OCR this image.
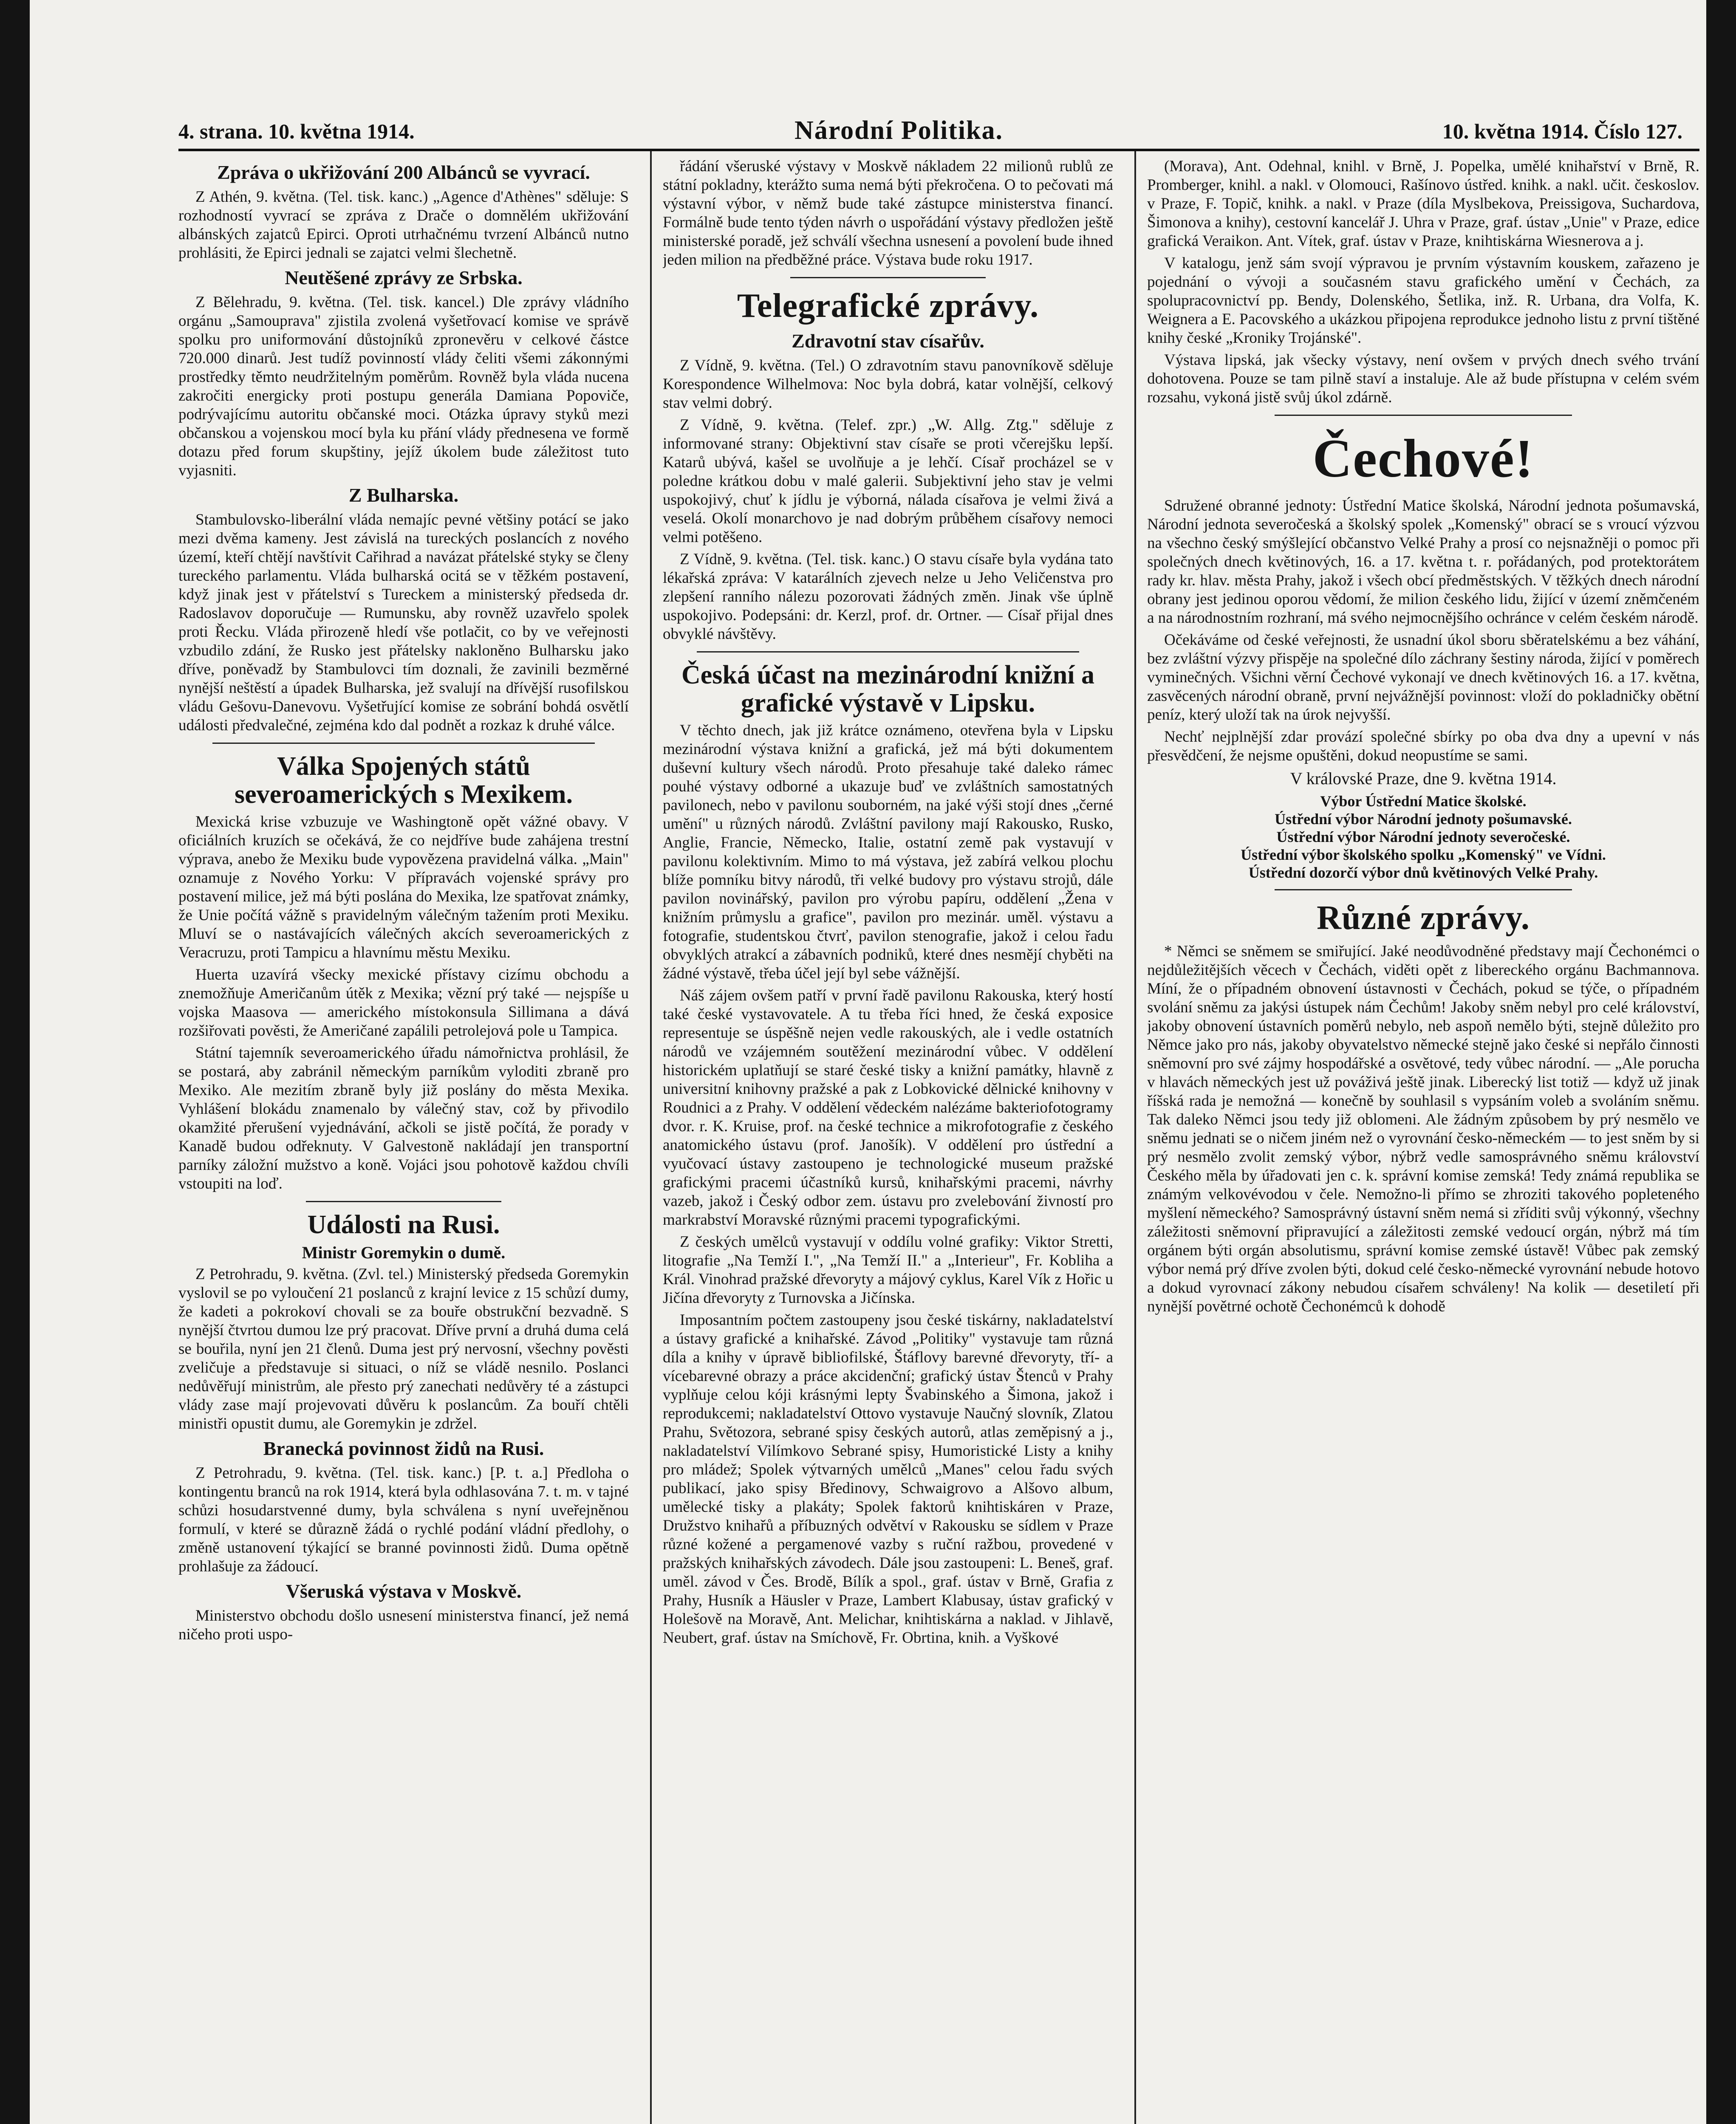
4. strana. 10. května 1914.	Národní Politika.	10. května 1914. Číslo 127.
Zpráva o ukřižování 200 Albánců se vyvrací.

Z Athén, 9. května. (Tel. tisk. kanc.) „Agence d'Athènes" sděluje: S rozhodností vyvrací se zpráva z Drače o domnělém ukřižování albánských zajatců Epirci. Oproti utrhačnému tvrzení Albánců nutno prohlásiti, že Epirci jednali se zajatci velmi šlechetně.

Neutěšené zprávy ze Srbska.

Z Bělehradu, 9. května. (Tel. tisk. kancel.) Dle zprávy vládního orgánu „Samouprava" zjistila zvolená vyšetřovací komise ve správě spolku pro uniformování důstojníků zpronevěru v celkové částce 720.000 dinarů. Jest tudíž povinností vlády čeliti všemi zákonnými prostředky těmto neudržitelným poměrům. Rovněž byla vláda nucena zakročiti energicky proti postupu generála Damiana Popoviče, podrývajícímu autoritu občanské moci. Otázka úpravy styků mezi občanskou a vojenskou mocí byla ku přání vlády přednesena ve formě dotazu před forum skupštiny, jejíž úkolem bude záležitost tuto vyjasniti.

Z Bulharska.

Stambulovsko-liberální vláda nemajíc pevné většiny potácí se jako mezi dvěma kameny. Jest závislá na tureckých poslancích z nového území, kteří chtějí navštívit Cařihrad a navázat přátelské styky se členy tureckého parlamentu. Vláda bulharská ocitá se v těžkém postavení, když jinak jest v přátelství s Tureckem a ministerský předseda dr. Radoslavov doporučuje — Rumunsku, aby rovněž uzavřelo spolek proti Řecku. Vláda přirozeně hledí vše potlačit, co by ve veřejnosti vzbudilo zdání, že Rusko jest přátelsky nakloněno Bulharsku jako dříve, poněvadž by Stambulovci tím doznali, že zavinili bezměrné nynější neštěstí a úpadek Bulharska, jež svalují na dřívější rusofilskou vládu Gešovu-Danevovu. Vyšetřující komise ze sobrání bohdá osvětlí události předvalečné, zejména kdo dal podnět a rozkaz k druhé válce.

Válka Spojených států severoamerických s Mexikem.

Mexická krise vzbuzuje ve Washingtoně opět vážné obavy. V oficiálních kruzích se očekává, že co nejdříve bude zahájena trestní výprava, anebo že Mexiku bude vypovězena pravidelná válka. „Main" oznamuje z Nového Yorku: V přípravách vojenské správy pro postavení milice, jež má býti poslána do Mexika, lze spatřovat známky, že Unie počítá vážně s pravidelným válečným tažením proti Mexiku. Mluví se o nastávajících válečných akcích severoamerických z Veracruzu, proti Tampicu a hlavnímu městu Mexiku.

Huerta uzavírá všecky mexické přístavy cizímu obchodu a znemožňuje Američanům útěk z Mexika; vězní prý také — nejspíše u vojska Maasova — amerického místokonsula Sillimana a dává rozšiřovati pověsti, že Američané zapálili petrolejová pole u Tampica.

Státní tajemník severoamerického úřadu námořnictva prohlásil, že se postará, aby zabránil německým parníkům vyloditi zbraně pro Mexiko. Ale mezitím zbraně byly již poslány do města Mexika. Vyhlášení blokádu znamenalo by válečný stav, což by přivodilo okamžité přerušení vyjednávání, ačkoli se jistě počítá, že porady v Kanadě budou odřeknuty. V Galvestoně nakládají jen transportní parníky záložní mužstvo a koně. Vojáci jsou pohotově každou chvíli vstoupiti na loď.

Události na Rusi.
Ministr Goremykin o dumě.

Z Petrohradu, 9. května. (Zvl. tel.) Ministerský předseda Goremykin vyslovil se po vyloučení 21 poslanců z krajní levice z 15 schůzí dumy, že kadeti a pokrokoví chovali se za bouře obstrukční bezvadně. S nynější čtvrtou dumou lze prý pracovat. Dříve první a druhá duma celá se bouřila, nyní jen 21 členů. Duma jest prý nervosní, všechny pověsti zveličuje a představuje si situaci, o níž se vládě nesnilo. Poslanci nedůvěřují ministrům, ale přesto prý zanechati nedůvěry té a zástupci vlády zase mají projevovati důvěru k poslancům. Za bouří chtěli ministři opustit dumu, ale Goremykin je zdržel.

Branecká povinnost židů na Rusi.

Z Petrohradu, 9. května. (Tel. tisk. kanc.) [P. t. a.] Předloha o kontingentu branců na rok 1914, která byla odhlasována 7. t. m. v tajné schůzi hosudarstvenné dumy, byla schválena s nyní uveřejněnou formulí, v které se důrazně žádá o rychlé podání vládní předlohy, o změně ustanovení týkající se branné povinnosti židů. Duma opětně prohlašuje za žádoucí.

Všeruská výstava v Moskvě.

Ministerstvo obchodu došlo usnesení ministerstva financí, jež nemá ničeho proti uspo-

řádání všeruské výstavy v Moskvě nákladem 22 milionů rublů ze státní pokladny, kterážto suma nemá býti překročena. O to pečovati má výstavní výbor, v němž bude také zástupce ministerstva financí. Formálně bude tento týden návrh o uspořádání výstavy předložen ještě ministerské poradě, jež schválí všechna usnesení a povolení bude ihned jeden milion na předběžné práce. Výstava bude roku 1917.

Telegrafické zprávy.
Zdravotní stav císařův.

Z Vídně, 9. května. (Tel.) O zdravotním stavu panovníkově sděluje Korespondence Wilhelmova: Noc byla dobrá, katar volnější, celkový stav velmi dobrý.

Z Vídně, 9. května. (Telef. zpr.) „W. Allg. Ztg." sděluje z informované strany: Objektivní stav císaře se proti včerejšku lepší. Katarů ubývá, kašel se uvolňuje a je lehčí. Císař procházel se v poledne krátkou dobu v malé galerii. Subjektivní jeho stav je velmi uspokojivý, chuť k jídlu je výborná, nálada císařova je velmi živá a veselá. Okolí monarchovo je nad dobrým průběhem císařovy nemoci velmi potěšeno.

Z Vídně, 9. května. (Tel. tisk. kanc.) O stavu císaře byla vydána tato lékařská zpráva: V katarálních zjevech nelze u Jeho Veličenstva pro zlepšení ranního nálezu pozorovati žádných změn. Jinak vše úplně uspokojivo. Podepsáni: dr. Kerzl, prof. dr. Ortner. — Císař přijal dnes obvyklé návštěvy.

Česká účast na mezinárodní knižní a grafické výstavě v Lipsku.

V těchto dnech, jak již krátce oznámeno, otevřena byla v Lipsku mezinárodní výstava knižní a grafická, jež má býti dokumentem duševní kultury všech národů. Proto přesahuje také daleko rámec pouhé výstavy odborné a ukazuje buď ve zvláštních samostatných pavilonech, nebo v pavilonu souborném, na jaké výši stojí dnes „černé umění" u různých národů. Zvláštní pavilony mají Rakousko, Rusko, Anglie, Francie, Německo, Italie, ostatní země pak vystavují v pavilonu kolektivním. Mimo to má výstava, jež zabírá velkou plochu blíže pomníku bitvy národů, tři velké budovy pro výstavu strojů, dále pavilon novinářský, pavilon pro výrobu papíru, oddělení „Žena v knižním průmyslu a grafice", pavilon pro mezinár. uměl. výstavu a fotografie, studentskou čtvrť, pavilon stenografie, jakož i celou řadu obvyklých atrakcí a zábavních podniků, které dnes nesmějí chyběti na žádné výstavě, třeba účel její byl sebe vážnější.

Náš zájem ovšem patří v první řadě pavilonu Rakouska, který hostí také české vystavovatele. A tu třeba říci hned, že česká exposice representuje se úspěšně nejen vedle rakouských, ale i vedle ostatních národů ve vzájemném soutěžení mezinárodní vůbec. V oddělení historickém uplatňují se staré české tisky a knižní památky, hlavně z universitní knihovny pražské a pak z Lobkovické dělnické knihovny v Roudnici a z Prahy. V oddělení vědeckém nalézáme bakteriofotogramy dvor. r. K. Kruise, prof. na české technice a mikrofotografie z českého anatomického ústavu (prof. Janošík). V oddělení pro ústřední a vyučovací ústavy zastoupeno je technologické museum pražské grafickými pracemi účastníků kursů, knihařskými pracemi, návrhy vazeb, jakož i Český odbor zem. ústavu pro zvelebování živností pro markrabství Moravské různými pracemi typografickými.

Z českých umělců vystavují v oddílu volné grafiky: Viktor Stretti, litografie „Na Temží I.", „Na Temží II." a „Interieur", Fr. Kobliha a Král. Vinohrad pražské dřevoryty a májový cyklus, Karel Vík z Hořic u Jičína dřevoryty z Turnovska a Jičínska.

Imposantním počtem zastoupeny jsou české tiskárny, nakladatelství a ústavy grafické a knihařské. Závod „Politiky" vystavuje tam různá díla a knihy v úpravě bibliofilské, Štáflovy barevné dřevoryty, tří- a vícebarevné obrazy a práce akcidenční; grafický ústav Štenců v Prahy vyplňuje celou kóji krásnými lepty Švabinského a Šimona, jakož i reprodukcemi; nakladatelství Ottovo vystavuje Naučný slovník, Zlatou Prahu, Světozora, sebrané spisy českých autorů, atlas zeměpisný a j., nakladatelství Vilímkovo Sebrané spisy, Humoristické Listy a knihy pro mládež; Spolek výtvarných umělců „Manes" celou řadu svých publikací, jako spisy Bředinovy, Schwaigrovo a Alšovo album, umělecké tisky a plakáty; Spolek faktorů knihtiskáren v Praze, Družstvo knihařů a příbuzných odvětví v Rakousku se sídlem v Praze různé kožené a pergamenové vazby s ruční ražbou, provedené v pražských knihařských závodech. Dále jsou zastoupeni: L. Beneš, graf. uměl. závod v Čes. Brodě, Bílík a spol., graf. ústav v Brně, Grafia z Prahy, Husník a Häusler v Praze, Lambert Klabusay, ústav grafický v Holešově na Moravě, Ant. Melichar, knihtiskárna a naklad. v Jihlavě, Neubert, graf. ústav na Smíchově, Fr. Obrtina, knih. a Vyškové

(Morava), Ant. Odehnal, knihl. v Brně, J. Popelka, umělé knihařství v Brně, R. Promberger, knihl. a nakl. v Olomouci, Rašínovo ústřed. knihk. a nakl. učit. českoslov. v Praze, F. Topič, knihk. a nakl. v Praze (díla Myslbekova, Preissigova, Suchardova, Šimonova a knihy), cestovní kancelář J. Uhra v Praze, graf. ústav „Unie" v Praze, edice grafická Veraikon. Ant. Vítek, graf. ústav v Praze, knihtiskárna Wiesnerova a j.

V katalogu, jenž sám svojí výpravou je prvním výstavním kouskem, zařazeno je pojednání o vývoji a současném stavu grafického umění v Čechách, za spolupracovnictví pp. Bendy, Dolenského, Šetlika, inž. R. Urbana, dra Volfa, K. Weignera a E. Pacovského a ukázkou připojena reprodukce jednoho listu z první tištěné knihy české „Kroniky Trojánské".

Výstava lipská, jak všecky výstavy, není ovšem v prvých dnech svého trvání dohotovena. Pouze se tam pilně staví a instaluje. Ale až bude přístupna v celém svém rozsahu, vykoná jistě svůj úkol zdárně.

Čechové!

Sdružené obranné jednoty: Ústřední Matice školská, Národní jednota pošumavská, Národní jednota severočeská a školský spolek „Komenský" obrací se s vroucí výzvou na všechno český smýšlející občanstvo Velké Prahy a prosí co nejsnažněji o pomoc při společných dnech květinových, 16. a 17. května t. r. pořádaných, pod protektorátem rady kr. hlav. města Prahy, jakož i všech obcí předměstských. V těžkých dnech národní obrany jest jedinou oporou vědomí, že milion českého lidu, žijící v území zněmčeném a na národnostním rozhraní, má svého nejmocnějšího ochránce v celém českém národě.

Očekáváme od české veřejnosti, že usnadní úkol sboru sběratelskému a bez váhání, bez zvláštní výzvy přispěje na společné dílo záchrany šestiny národa, žijící v poměrech vyminečných. Všichni věrní Čechové vykonají ve dnech květinových 16. a 17. května, zasvěcených národní obraně, první nejvážnější povinnost: vloží do pokladničky obětní peníz, který uloží tak na úrok nejvyšší.

Nechť nejplnější zdar provází společné sbírky po oba dva dny a upevní v nás přesvědčení, že nejsme opuštěni, dokud neopustíme se sami.

V královské Praze, dne 9. května 1914.
Výbor Ústřední Matice školské.
Ústřední výbor Národní jednoty pošumavské.
Ústřední výbor Národní jednoty severočeské.
Ústřední výbor školského spolku „Komenský" ve Vídni.
Ústřední dozorčí výbor dnů květinových Velké Prahy.
Různé zprávy.

* Němci se sněmem se smiřující. Jaké neodůvodněné představy mají Čechonémci o nejdůležitějších věcech v Čechách, viděti opět z libereckého orgánu Bachmannova. Míní, že o případném obnovení ústavnosti v Čechách, pokud se týče, o případném svolání sněmu za jakýsi ústupek nám Čechům! Jakoby sněm nebyl pro celé království, jakoby obnovení ústavních poměrů nebylo, neb aspoň nemělo býti, stejně důležito pro Němce jako pro nás, jakoby obyvatelstvo německé stejně jako české si nepřálo činnosti sněmovní pro své zájmy hospodářské a osvětové, tedy vůbec národní. — „Ale porucha v hlavách německých jest už pováživá ještě jinak. Liberecký list totiž — když už jinak říšská rada je nemožná — konečně by souhlasil s vypsáním voleb a svoláním sněmu. Tak daleko Němci jsou tedy již oblomeni. Ale žádným způsobem by prý nesmělo ve sněmu jednati se o ničem jiném než o vyrovnání česko-německém — to jest sněm by si prý nesmělo zvolit zemský výbor, nýbrž vedle samosprávného sněmu království Českého měla by úřadovati jen c. k. správní komise zemská! Tedy známá republika se známým velkovévodou v čele. Nemožno-li přímo se zhroziti takového popleteného myšlení německého? Samosprávný ústavní sněm nemá si zříditi svůj výkonný, všechny záležitosti sněmovní připravující a záležitosti zemské vedoucí orgán, nýbrž má tím orgánem býti orgán absolutismu, správní komise zemské ústavě! Vůbec pak zemský výbor nemá prý dříve zvolen býti, dokud celé česko-německé vyrovnání nebude hotovo a dokud vyrovnací zákony nebudou císařem schváleny! Na kolik — desetiletí při nynější povětrné ochotě Čechonémců k dohodě
